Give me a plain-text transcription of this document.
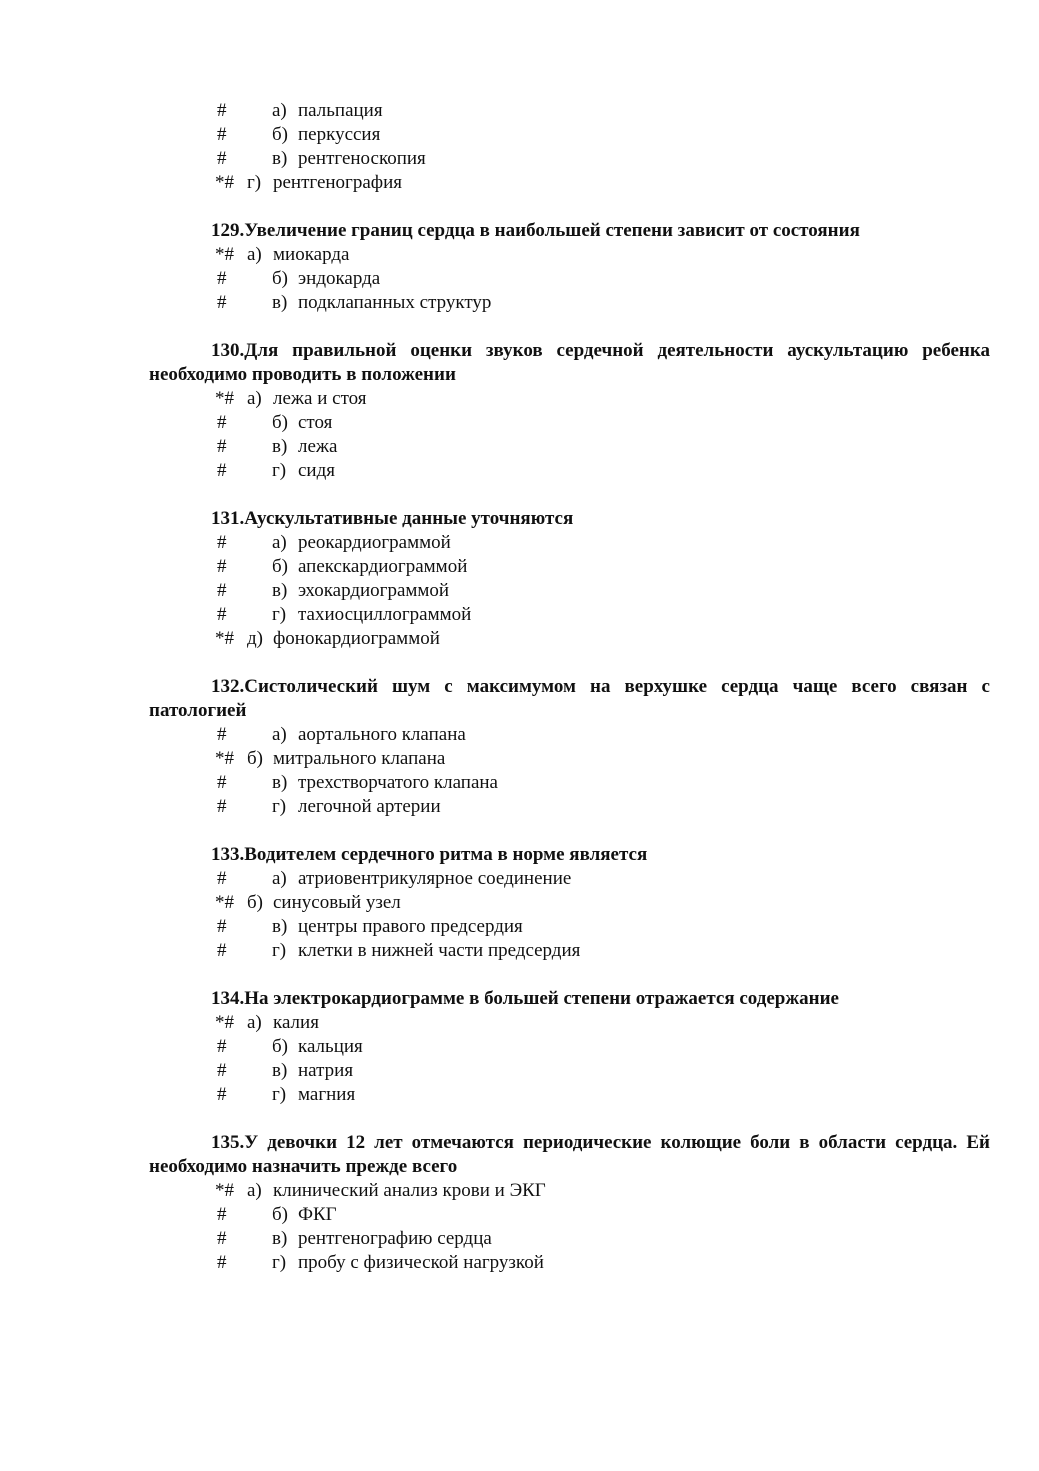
# а) пальпация
# б) перкуссия
# в) рентгеноскопия
*# г) рентгенография

129.Увеличение границ сердца в наибольшей степени зависит от состояния

*# а) миокарда
# б) эндокарда
# в) подклапанных структур

130.Для правильной оценки звуков сердечной деятельности аускультацию ребенка необходимо проводить в положении

*# а) лежа и стоя
# б) стоя
# в) лежа
# г) сидя

131.Аускультативные данные уточняются

# а) реокардиограммой
# б) апекскардиограммой
# в) эхокардиограммой
# г) тахиосциллограммой
*# д) фонокардиограммой

132.Систолический шум с максимумом на верхушке сердца чаще всего связан с патологией

# а) аортального клапана
*# б) митрального клапана
# в) трехстворчатого клапана
# г) легочной артерии

133.Водителем сердечного ритма в норме является

# а) атриовентрикулярное соединение
*# б) синусовый узел
# в) центры правого предсердия
# г) клетки в нижней части предсердия

134.На электрокардиограмме в большей степени отражается содержание

*# а) калия
# б) кальция
# в) натрия
# г) магния

135.У девочки 12 лет отмечаются периодические колющие боли в области сердца. Ей необходимо назначить прежде всего

*# а) клинический анализ крови и ЭКГ
# б) ФКГ
# в) рентгенографию сердца
# г) пробу с физической нагрузкой
